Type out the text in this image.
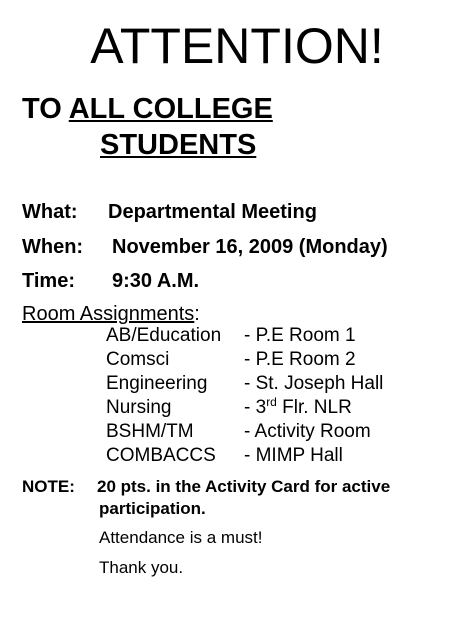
ATTENTION!
TO ALL COLLEGE
STUDENTS
What: Departmental Meeting
When: November 16, 2009 (Monday)
Time: 9:30 A.M.
Room Assignments:
AB/Education - P.E Room 1
Comsci	- P.E Room 2
Engineering - St. Joseph Hall
Nursing	- 3rd Flr. NLR
BSHM/TM	- Activity Room
COMBACCS - MIMP Hall
NOTE: 20 pts. in the Activity Card for active
participation.
Attendance is a must!
Thank you.
